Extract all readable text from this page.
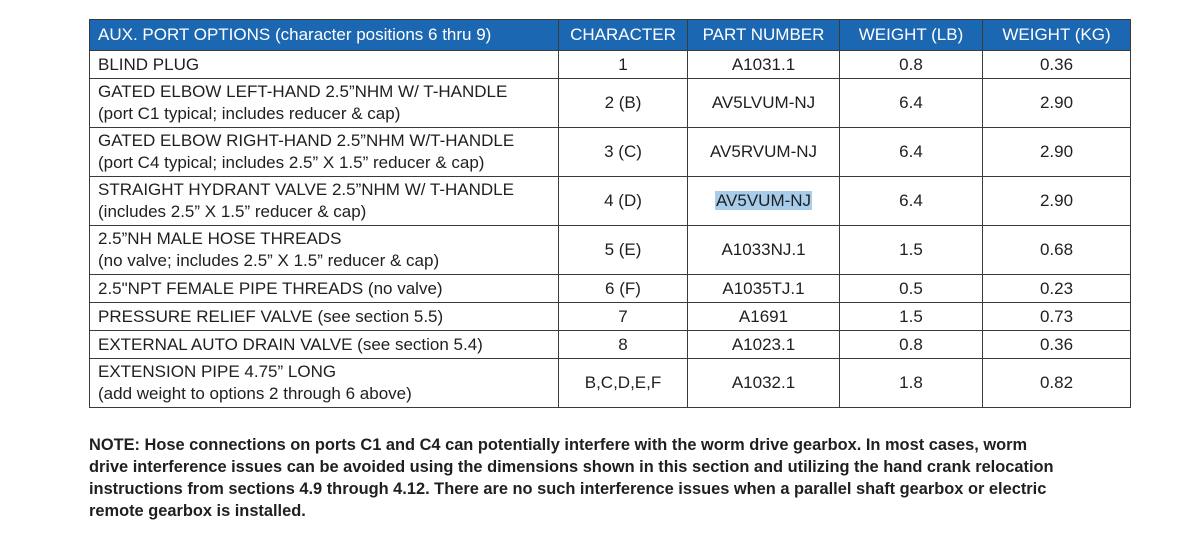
AUX. PORT OPTIONS (character positions 6 thru 9)	CHARACTER	PART NUMBER	WEIGHT (LB)	WEIGHT (KG)

BLIND PLUG	1	A1031.1	0.8	0.36

GATED ELBOW LEFT-HAND 2.5”NHM W/ T-HANDLE
(port C1 typical; includes reducer & cap)	2 (B)	AV5LVUM-NJ	6.4	2.90

GATED ELBOW RIGHT-HAND 2.5”NHM W/T-HANDLE
(port C4 typical; includes 2.5” X 1.5” reducer & cap)	3 (C)	AV5RVUM-NJ	6.4	2.90

STRAIGHT HYDRANT VALVE 2.5”NHM W/ T-HANDLE
(includes 2.5” X 1.5” reducer & cap)	4 (D)	AV5VUM-NJ	6.4	2.90

2.5”NH MALE HOSE THREADS
(no valve; includes 2.5” X 1.5” reducer & cap)	5 (E)	A1033NJ.1	1.5	0.68

2.5"NPT FEMALE PIPE THREADS (no valve)	6 (F)	A1035TJ.1	0.5	0.23

PRESSURE RELIEF VALVE (see section 5.5)	7	A1691	1.5	0.73

EXTERNAL AUTO DRAIN VALVE (see section 5.4)	8	A1023.1	0.8	0.36

EXTENSION PIPE 4.75” LONG
(add weight to options 2 through 6 above)	B,C,D,E,F	A1032.1	1.8	0.82
NOTE: Hose connections on ports C1 and C4 can potentially interfere with the worm drive gearbox. In most cases, worm
drive interference issues can be avoided using the dimensions shown in this section and utilizing the hand crank relocation
instructions from sections 4.9 through 4.12. There are no such interference issues when a parallel shaft gearbox or electric
remote gearbox is installed.
